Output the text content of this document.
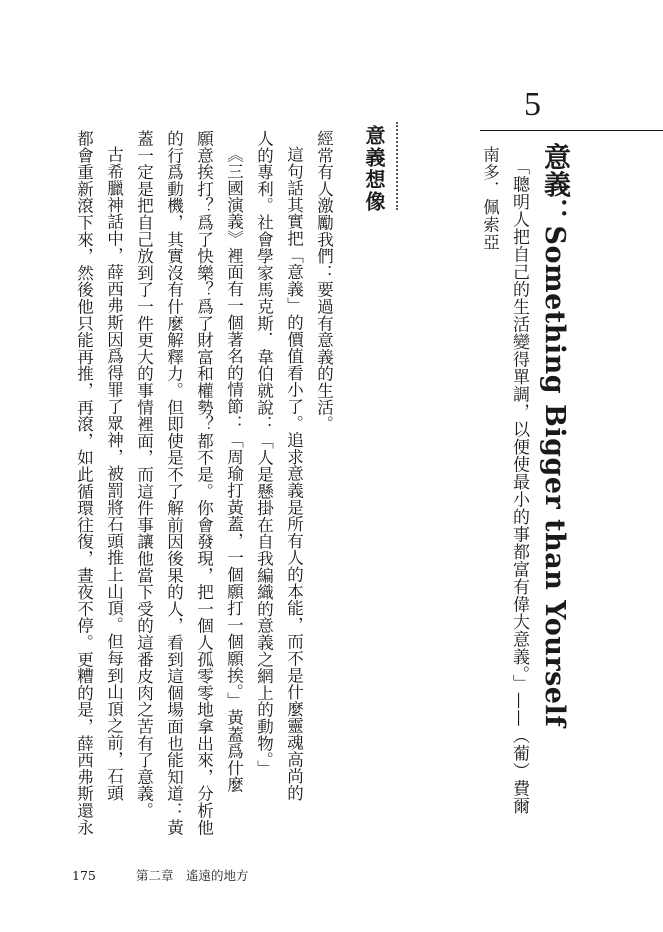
5
意義：Something Bigger than Yourself
「聰明人把自己的生活變得單調，以便使最小的事都富有偉大意義。」——（葡）費爾
南多．佩索亞
意義想像
經常有人激勵我們：要過有意義的生活。
這句話其實把「意義」的價值看小了。追求意義是所有人的本能，而不是什麼靈魂高尚的
人的專利。社會學家馬克斯．韋伯就說：「人是懸掛在自我編織的意義之網上的動物。」
《三國演義》裡面有一個著名的情節：「周瑜打黃蓋，一個願打一個願挨。」黃蓋爲什麼
願意挨打？爲了快樂？爲了財富和權勢？都不是。你會發現，把一個人孤零零地拿出來，分析他
的行爲動機，其實沒有什麼解釋力。但即使是不了解前因後果的人，看到這個場面也能知道：黃
蓋一定是把自己放到了一件更大的事情裡面，而這件事讓他當下受的這番皮肉之苦有了意義。
古希臘神話中，薛西弗斯因爲得罪了眾神，被罰將石頭推上山頂。但每到山頂之前，石頭
都會重新滾下來，然後他只能再推，再滾，如此循環往復，晝夜不停。更糟的是，薛西弗斯還永
175	第二章　遙遠的地方
